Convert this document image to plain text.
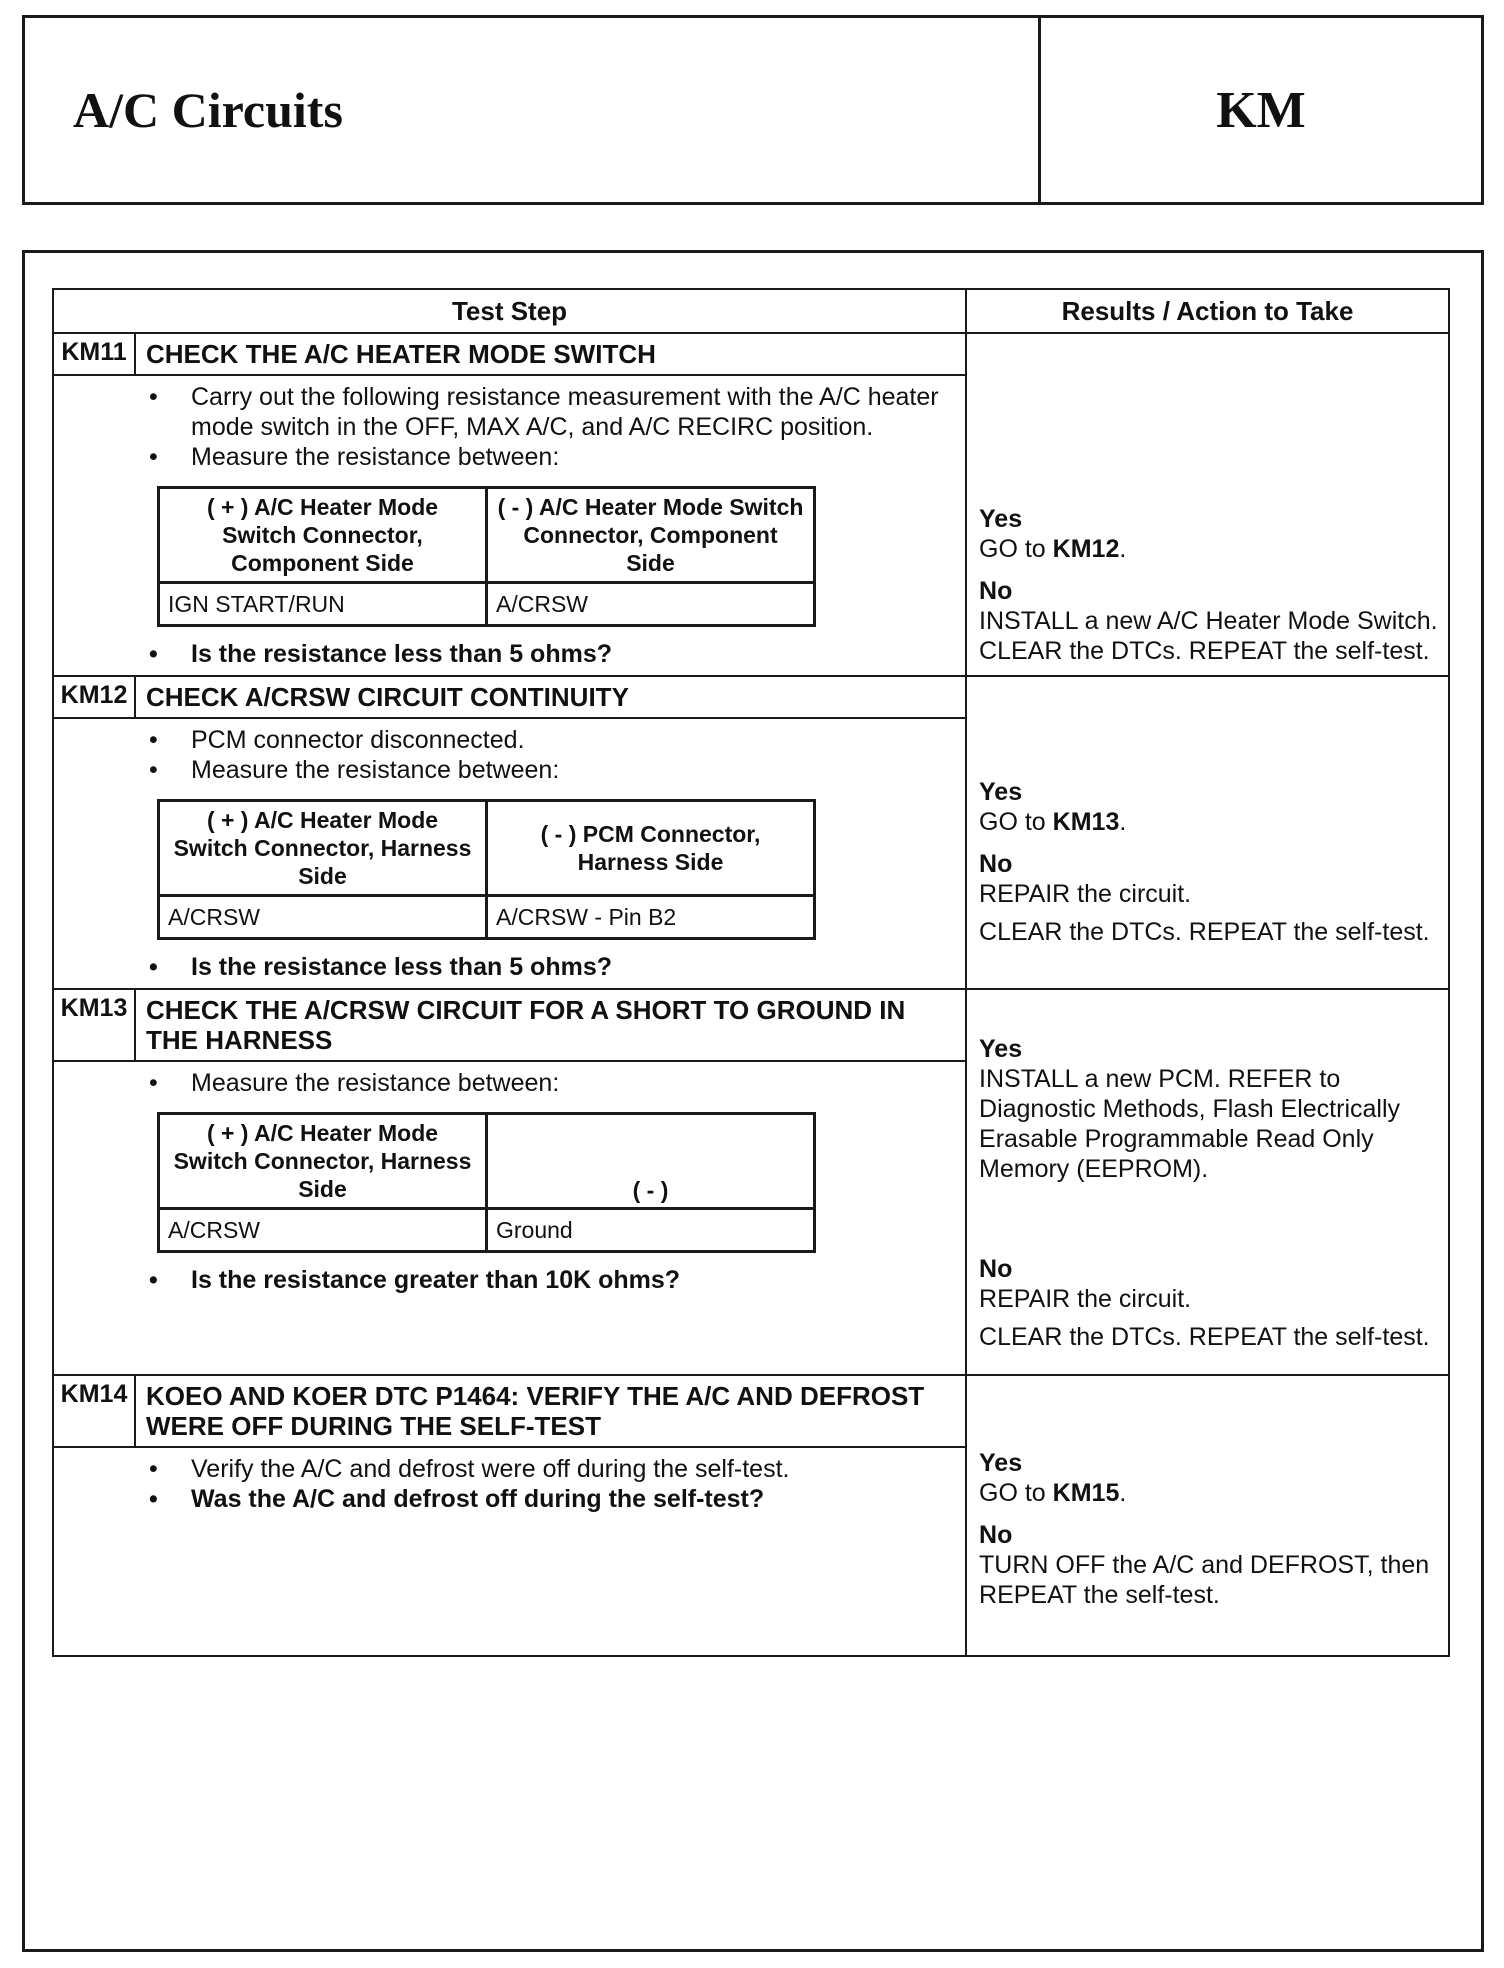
A/C Circuits	KM
Test Step	Results / Action to Take
KM11	CHECK THE A/C HEATER MODE SWITCH	
Yes
GO to KM12.
No
INSTALL a new A/C Heater Mode Switch. CLEAR the DTCs. REPEAT the self-test.

• Carry out the following resistance measurement with the A/C heater mode switch in the OFF, MAX A/C, and A/C RECIRC position.
• Measure the resistance between:
( + ) A/C Heater Mode Switch Connector, Component Side	( - ) A/C Heater Mode Switch Connector, Component Side
IGN START/RUN	A/CRSW
• Is the resistance less than 5 ohms?

KM12	CHECK A/CRSW CIRCUIT CONTINUITY	
Yes
GO to KM13.
No
REPAIR the circuit.
CLEAR the DTCs. REPEAT the self-test.

• PCM connector disconnected.
• Measure the resistance between:
( + ) A/C Heater Mode Switch Connector, Harness Side	( - ) PCM Connector, Harness Side
A/CRSW	A/CRSW - Pin B2
• Is the resistance less than 5 ohms?

KM13	CHECK THE A/CRSW CIRCUIT FOR A SHORT TO GROUND IN THE HARNESS	Yes
INSTALL a new PCM. REFER to Diagnostic Methods, Flash Electrically Erasable Programmable Read Only Memory (EEPROM).
No
REPAIR the circuit.
CLEAR the DTCs. REPEAT the self-test.

• Measure the resistance between:
( + ) A/C Heater Mode Switch Connector, Harness Side	( - )
A/CRSW	Ground
• Is the resistance greater than 10K ohms?

KM14	KOEO AND KOER DTC P1464: VERIFY THE A/C AND DEFROST WERE OFF DURING THE SELF-TEST	
Yes
GO to KM15.
No
TURN OFF the A/C and DEFROST, then REPEAT the self-test.

• Verify the A/C and defrost were off during the self-test.
• Was the A/C and defrost off during the self-test?
